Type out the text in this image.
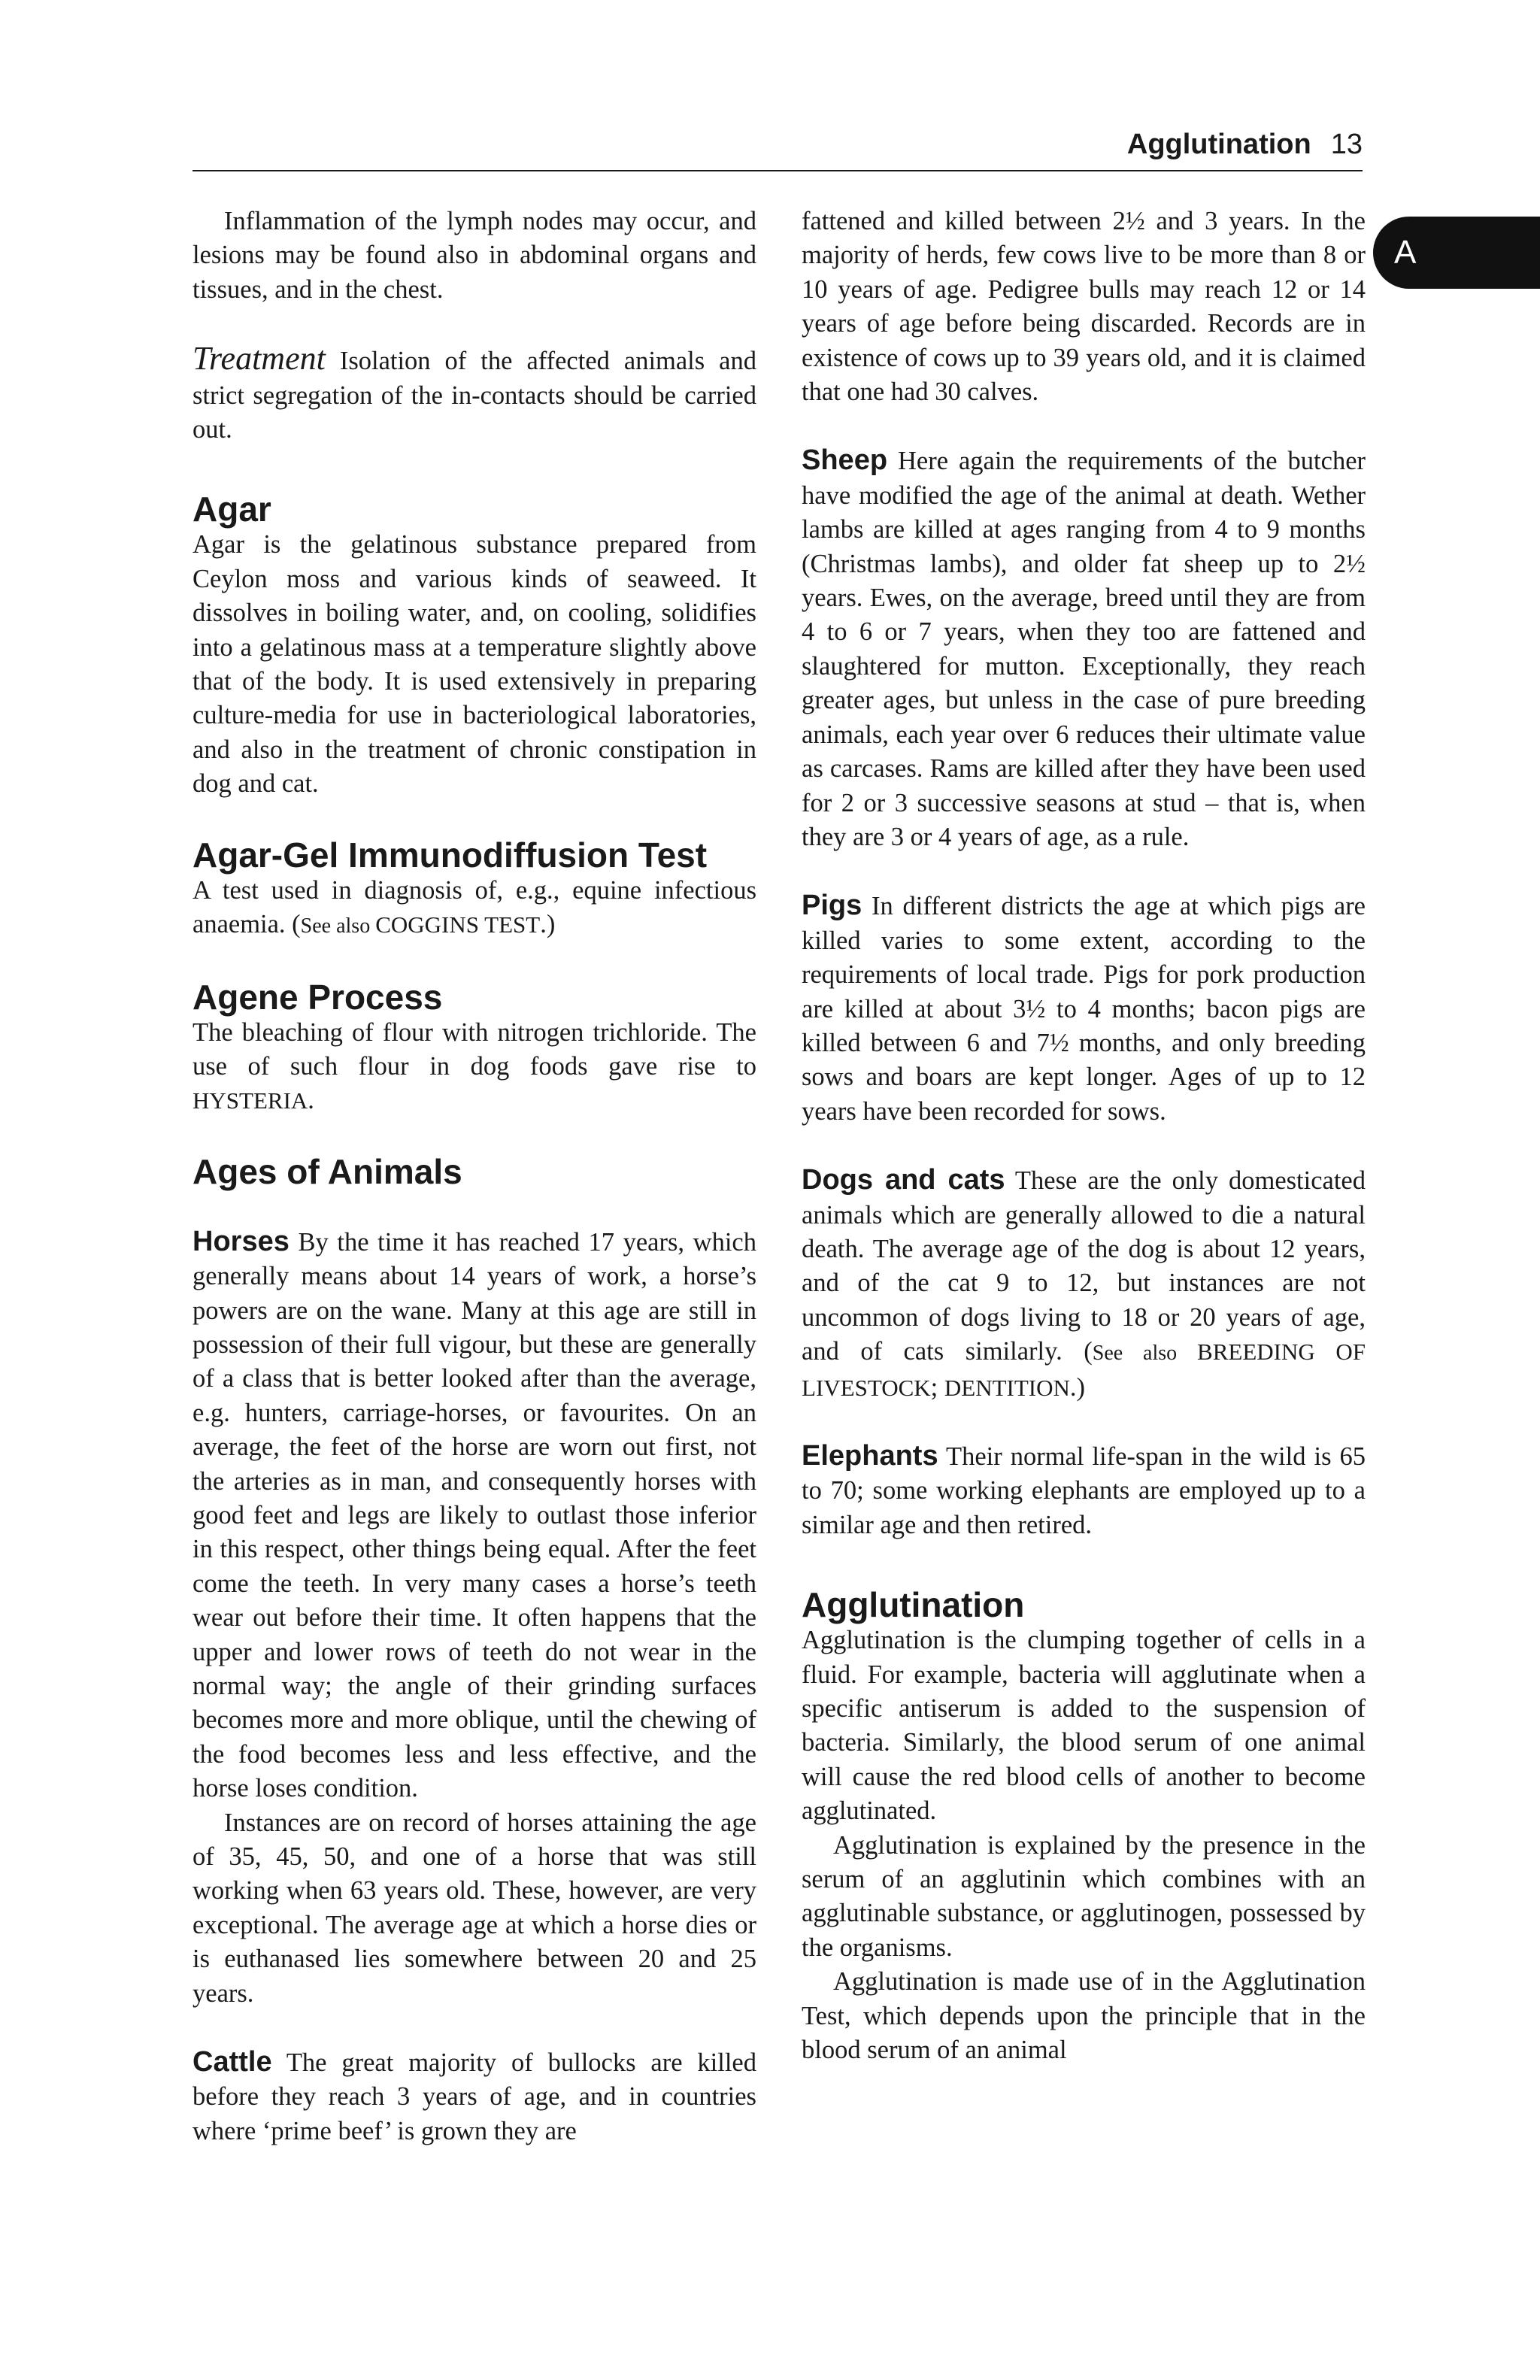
Agglutination 13
A

Inflammation of the lymph nodes may occur, and lesions may be found also in abdominal organs and tissues, and in the chest.

Treatment Isolation of the affected animals and strict segregation of the in-contacts should be carried out.

Agar

Agar is the gelatinous substance prepared from Ceylon moss and various kinds of seaweed. It dissolves in boiling water, and, on cooling, solidifies into a gelatinous mass at a temperature slightly above that of the body. It is used extensively in preparing culture-media for use in bacteriological laboratories, and also in the treatment of chronic constipation in dog and cat.

Agar-Gel Immunodiffusion Test

A test used in diagnosis of, e.g., equine infectious anaemia. (See also COGGINS TEST.)

Agene Process

The bleaching of flour with nitrogen trichloride. The use of such flour in dog foods gave rise to HYSTERIA.

Ages of Animals

Horses By the time it has reached 17 years, which generally means about 14 years of work, a horse’s powers are on the wane. Many at this age are still in possession of their full vigour, but these are generally of a class that is better looked after than the average, e.g. hunters, carriage-horses, or favourites. On an average, the feet of the horse are worn out first, not the arteries as in man, and consequently horses with good feet and legs are likely to outlast those inferior in this respect, other things being equal. After the feet come the teeth. In very many cases a horse’s teeth wear out before their time. It often happens that the upper and lower rows of teeth do not wear in the normal way; the angle of their grinding surfaces becomes more and more oblique, until the chewing of the food becomes less and less effective, and the horse loses condition.

Instances are on record of horses attaining the age of 35, 45, 50, and one of a horse that was still working when 63 years old. These, however, are very exceptional. The average age at which a horse dies or is euthanased lies somewhere between 20 and 25 years.

Cattle The great majority of bullocks are killed before they reach 3 years of age, and in countries where ‘prime beef’ is grown they are

fattened and killed between 2½ and 3 years. In the majority of herds, few cows live to be more than 8 or 10 years of age. Pedigree bulls may reach 12 or 14 years of age before being discarded. Records are in existence of cows up to 39 years old, and it is claimed that one had 30 calves.

Sheep Here again the requirements of the butcher have modified the age of the animal at death. Wether lambs are killed at ages ranging from 4 to 9 months (Christmas lambs), and older fat sheep up to 2½ years. Ewes, on the average, breed until they are from 4 to 6 or 7 years, when they too are fattened and slaughtered for mutton. Exceptionally, they reach greater ages, but unless in the case of pure breeding animals, each year over 6 reduces their ultimate value as carcases. Rams are killed after they have been used for 2 or 3 successive seasons at stud – that is, when they are 3 or 4 years of age, as a rule.

Pigs In different districts the age at which pigs are killed varies to some extent, according to the requirements of local trade. Pigs for pork production are killed at about 3½ to 4 months; bacon pigs are killed between 6 and 7½ months, and only breeding sows and boars are kept longer. Ages of up to 12 years have been recorded for sows.

Dogs and cats These are the only domesticated animals which are generally allowed to die a natural death. The average age of the dog is about 12 years, and of the cat 9 to 12, but instances are not uncommon of dogs living to 18 or 20 years of age, and of cats similarly. (See also BREEDING OF LIVESTOCK; DENTITION.)

Elephants Their normal life-span in the wild is 65 to 70; some working elephants are employed up to a similar age and then retired.

Agglutination

Agglutination is the clumping together of cells in a fluid. For example, bacteria will agglutinate when a specific antiserum is added to the suspension of bacteria. Similarly, the blood serum of one animal will cause the red blood cells of another to become agglutinated.

Agglutination is explained by the presence in the serum of an agglutinin which combines with an agglutinable substance, or agglutinogen, possessed by the organisms.

Agglutination is made use of in the Agglutination Test, which depends upon the principle that in the blood serum of an animal
